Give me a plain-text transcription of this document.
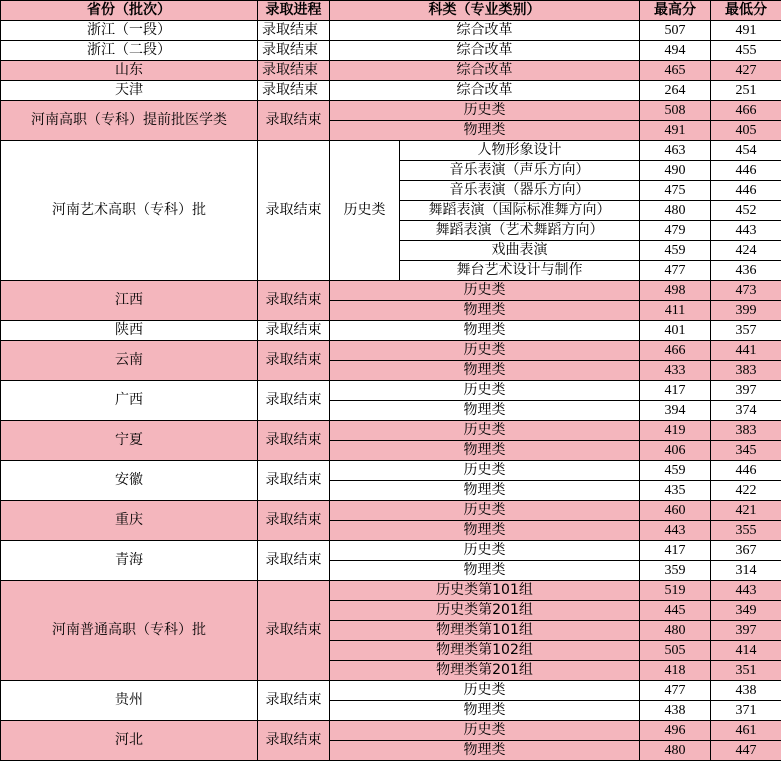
省份（批次）	录取进程	科类（专业类别）		最高分	最低分
浙江（一段）	录取结束	综合改革		507	491
浙江（二段）	录取结束	综合改革		494	455
山东	录取结束	综合改革		465	427
天津	录取结束	综合改革		264	251
河南高职（专科）提前批医学类	录取结束	历史类		508	466
		物理类		491	405
河南艺术高职（专科）批	录取结束	历史类	人物形象设计	463	454
			音乐表演（声乐方向）	490	446
			音乐表演（器乐方向）	475	446
			舞蹈表演（国际标准舞方向）	480	452
			舞蹈表演（艺术舞蹈方向）	479	443
			戏曲表演	459	424
			舞台艺术设计与制作	477	436
江西	录取结束	历史类		498	473
		物理类		411	399
陕西	录取结束	物理类		401	357
云南	录取结束	历史类		466	441
		物理类		433	383
广西	录取结束	历史类		417	397
		物理类		394	374
宁夏	录取结束	历史类		419	383
		物理类		406	345
安徽	录取结束	历史类		459	446
		物理类		435	422
重庆	录取结束	历史类		460	421
		物理类		443	355
青海	录取结束	历史类		417	367
		物理类		359	314
河南普通高职（专科）批	录取结束	历史类第101组		519	443
		历史类第201组		445	349
		物理类第101组		480	397
		物理类第102组		505	414
		物理类第201组		418	351
贵州	录取结束	历史类		477	438
		物理类		438	371
河北	录取结束	历史类		496	461
		物理类		480	447
